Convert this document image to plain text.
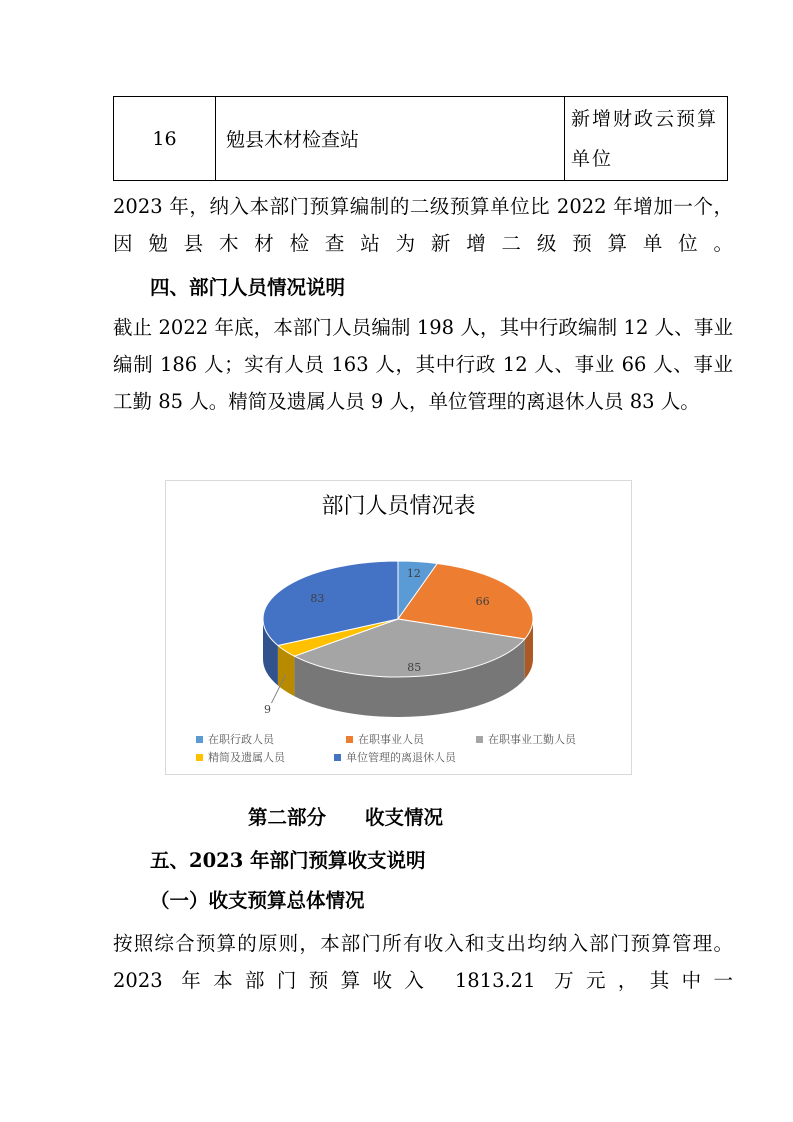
16	勉县木材检查站	新增财政云预算单位
2023 年，纳入本部门预算编制的二级预算单位比 2022 年增加一个，因勉县木材检查站为新增二级预算单位。
四、部门人员情况说明
截止 2022 年底，本部门人员编制 198 人，其中行政编制 12 人、事业编制 186 人；实有人员 163 人，其中行政 12 人、事业 66 人、事业工勤 85 人。精简及遗属人员 9 人，单位管理的离退休人员 83 人。
部门人员情况表
12
66
85
9
83
在职行政人员	在职事业人员	在职事业工勤人员
精简及遗属人员	单位管理的离退休人员
第二部分　　收支情况
五、2023 年部门预算收支说明
（一）收支预算总体情况
按照综合预算的原则，本部门所有收入和支出均纳入部门预算管理。2023 年本部门预算收入 1813.21 万元，其中一
